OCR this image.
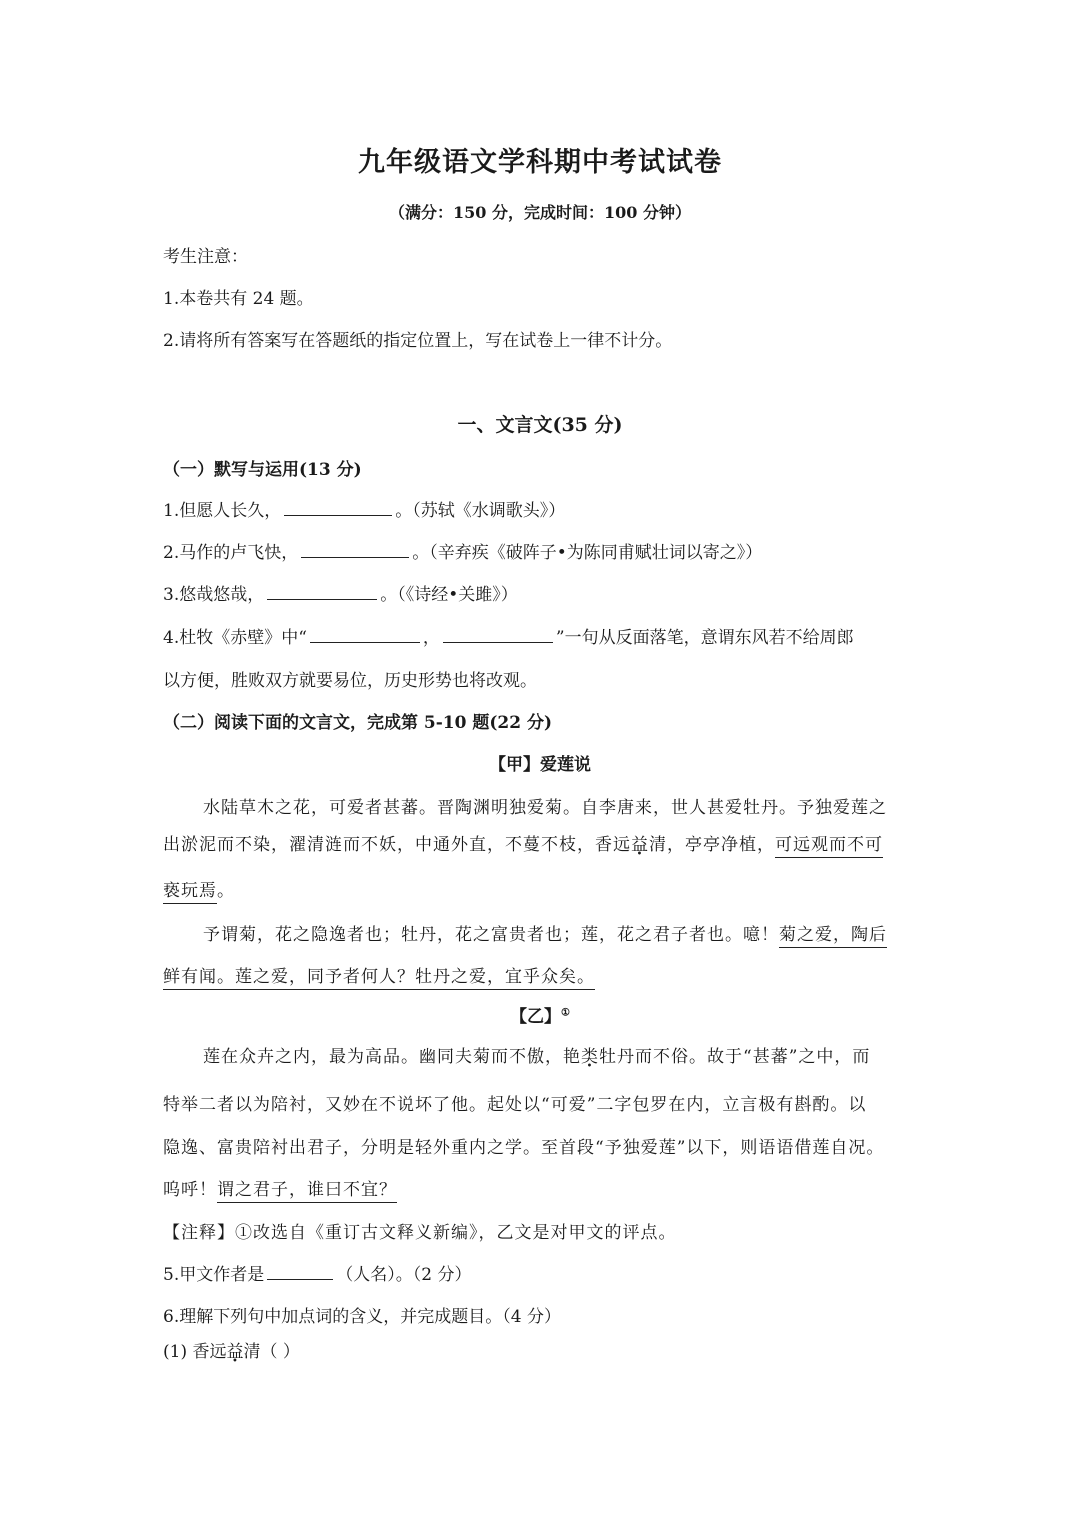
九年级语文学科期中考试试卷
（满分：150 分，完成时间：100 分钟）
考生注意：
1.本卷共有 24 题。
2.请将所有答案写在答题纸的指定位置上，写在试卷上一律不计分。
一、文言文(35 分)
（一）默写与运用(13 分)
1.但愿人长久，	。（苏轼《水调歌头》）
2.马作的卢飞快，	。（辛弃疾《破阵子•为陈同甫赋壮词以寄之》）
3.悠哉悠哉，	。（《诗经•关雎》）
4.杜牧《赤壁》中“	，	”一句从反面落笔，意谓东风若不给周郎
以方便，胜败双方就要易位，历史形势也将改观。
（二）阅读下面的文言文，完成第 5-10 题(22 分)
【甲】爱莲说
水陆草木之花，可爱者甚蕃。晋陶渊明独爱菊。自李唐来，世人甚爱牡丹。予独爱莲之
出淤泥而不染，濯清涟而不妖，中通外直，不蔓不枝，香远益清，亭亭净植，可远观而不可
亵玩焉。
予谓菊，花之隐逸者也；牡丹，花之富贵者也；莲，花之君子者也。噫！菊之爱，陶后
鲜有闻。莲之爱，同予者何人？牡丹之爱，宜乎众矣。
【乙】①
莲在众卉之内，最为高品。幽同夫菊而不傲，艳类牡丹而不俗。故于“甚蕃”之中，而
特举二者以为陪衬，又妙在不说坏了他。起处以“可爱”二字包罗在内，立言极有斟酌。以
隐逸、富贵陪衬出君子，分明是轻外重内之学。至首段“予独爱莲”以下，则语语借莲自况。
呜呼！谓之君子，谁曰不宜？
【注释】①改选自《重订古文释义新编》，乙文是对甲文的评点。
5.甲文作者是	（人名）。（2 分）
6.理解下列句中加点词的含义，并完成题目。（4 分）
(1) 香远益清（ ）
